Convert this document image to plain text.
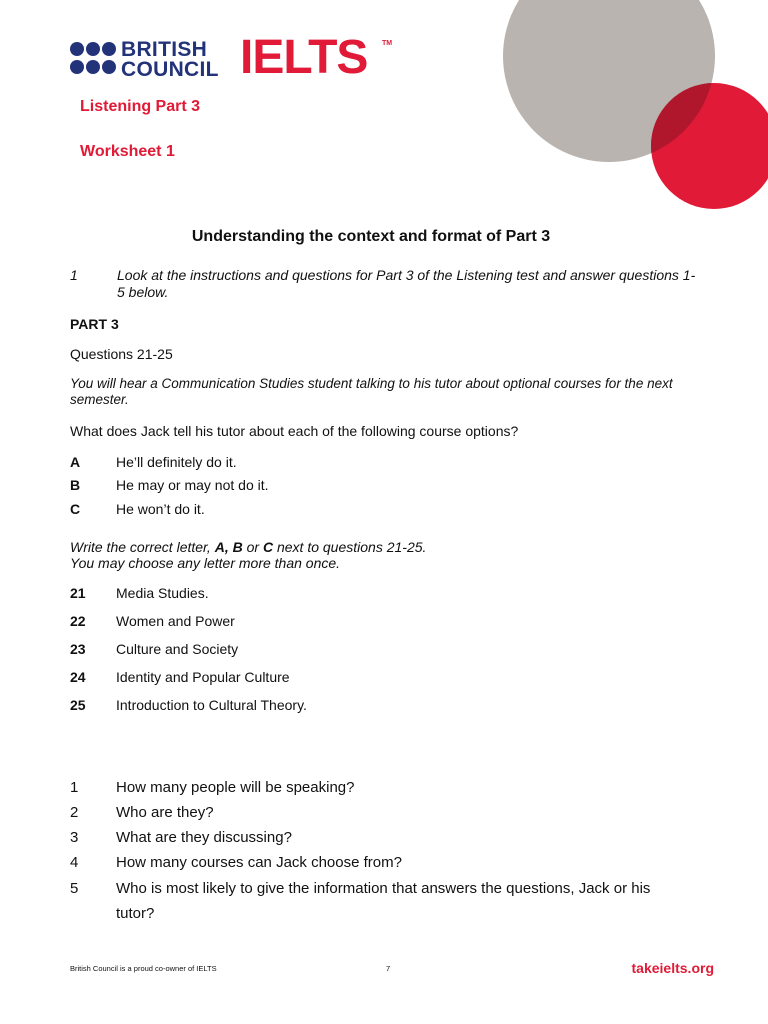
BRITISH
COUNCIL IELTS TM
Listening Part 3
Worksheet 1
Understanding the context and format of Part 3
1	Look at the instructions and questions for Part 3 of the Listening test and answer questions 1-5 below.
PART 3
Questions 21-25
You will hear a Communication Studies student talking to his tutor about optional courses for the next semester.
What does Jack tell his tutor about each of the following course options?
A	He’ll definitely do it.
B	He may or may not do it.
C	He won’t do it.
Write the correct letter, A, B or C next to questions 21-25.
You may choose any letter more than once.
21 Media Studies.
22 Women and Power
23 Culture and Society
24 Identity and Popular Culture
25 Introduction to Cultural Theory.
1	How many people will be speaking?
2	Who are they?
3	What are they discussing?
4	How many courses can Jack choose from?
5	Who is most likely to give the information that answers the questions, Jack or his tutor?
British Council is a proud co-owner of IELTS	7	takeielts.org
